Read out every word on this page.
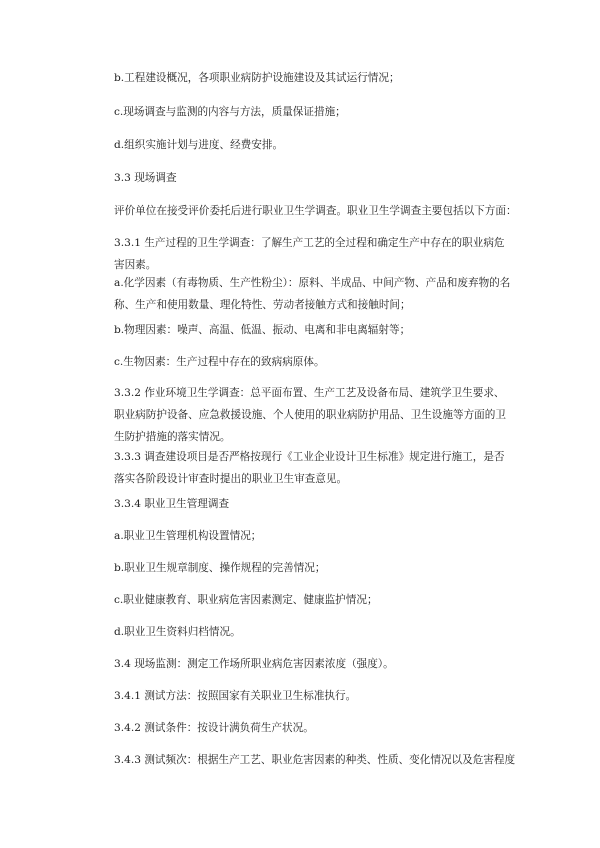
b.工程建设概况，各项职业病防护设施建设及其试运行情况；
c.现场调查与监测的内容与方法，质量保证措施；
d.组织实施计划与进度、经费安排。
3.3 现场调查
评价单位在接受评价委托后进行职业卫生学调查。职业卫生学调查主要包括以下方面：
3.3.1 生产过程的卫生学调查：了解生产工艺的全过程和确定生产中存在的职业病危害因素。
a.化学因素（有毒物质、生产性粉尘）：原料、半成品、中间产物、产品和废弃物的名称、生产和使用数量、理化特性、劳动者接触方式和接触时间；
b.物理因素：噪声、高温、低温、振动、电离和非电离辐射等；
c.生物因素：生产过程中存在的致病病原体。
3.3.2 作业环境卫生学调查：总平面布置、生产工艺及设备布局、建筑学卫生要求、职业病防护设备、应急救援设施、个人使用的职业病防护用品、卫生设施等方面的卫生防护措施的落实情况。
3.3.3 调查建设项目是否严格按现行《工业企业设计卫生标准》规定进行施工，是否落实各阶段设计审查时提出的职业卫生审查意见。
3.3.4 职业卫生管理调查
a.职业卫生管理机构设置情况；
b.职业卫生规章制度、操作规程的完善情况；
c.职业健康教育、职业病危害因素测定、健康监护情况；
d.职业卫生资料归档情况。
3.4 现场监测：测定工作场所职业病危害因素浓度（强度）。
3.4.1 测试方法：按照国家有关职业卫生标准执行。
3.4.2 测试条件：按设计满负荷生产状况。
3.4.3 测试频次：根据生产工艺、职业危害因素的种类、性质、变化情况以及危害程度
